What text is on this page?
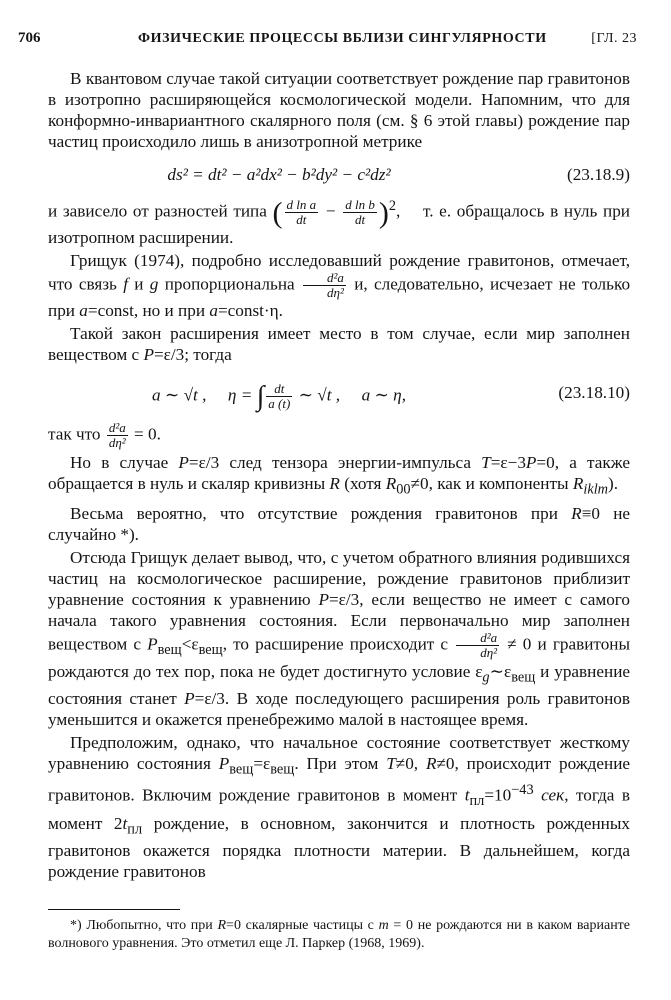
706	ФИЗИЧЕСКИЕ ПРОЦЕССЫ ВБЛИЗИ СИНГУЛЯРНОСТИ	[ГЛ. 23

В квантовом случае такой ситуации соответствует рождение пар гравитонов в изотропно расширяющейся космологической модели. Напомним, что для конформно-инвариантного скалярного поля (см. § 6 этой главы) рождение пар частиц происходило лишь в анизотропной метрике

ds² = dt² − a²dx² − b²dy² − c²dz²	(23.18.9)

и зависело от разностей типа ( $\frac{\text{d ln a}}{dt} - \frac{\text{d ln b}}{dt} )^2$,    т. е. обращалось в нуль при изотропном расширении.

Грищук (1974), подробно исследовавший рождение гравитонов, отмечает, что связь f и g пропорциональна $\frac{\text{d²a}}{\text{dη²}} и$, следовательно, исчезает не только при a=const, но и при a=const·η.

Такой закон расширения имеет место в том случае, если мир заполнен веществом с P=ε/3; тогда

a ∼ √t ,     η = ∫ $\frac{dt}{a (t)}$ ∼ √t ,     a ∼ η,	(23.18.10)

так что $\frac{\text{d²a}}{\text{dη²}} = 0$.

Но в случае P=ε/3 след тензора энергии-импульса T=ε−3P=0, а также обращается в нуль и скаляр кривизны R (хотя $R_{00}\ne 0$, как и компоненты $R_{iklm}$).

Весьма вероятно, что отсутствие рождения гравитонов при R≡0 не случайно *).

Отсюда Грищук делает вывод, что, с учетом обратного влияния родившихся частиц на космологическое расширение, рождение гравитонов приблизит уравнение состояния к уравнению P=ε/3, если вещество не имеет с самого начала такого уравнения состояния. Если первоначально мир заполнен веществом с $P_{вещ}<\varepsilon_{вещ}$, то расширение происходит с $\frac{\text{d²a}}{\text{dη²}} \ne 0$ и гравитоны рождаются до тех пор, пока не будет достигнуто условие $\varepsilon_g\sim\varepsilon_{вещ}$ и уравнение состояния станет P=ε/3. В ходе последующего расширения роль гравитонов уменьшится и окажется пренебрежимо малой в настоящее время.

Предположим, однако, что начальное состояние соответствует жесткому уравнению состояния $P_{вещ}=\varepsilon_{вещ}$. При этом T≠0, R≠0, происходит рождение гравитонов. Включим рождение гравитонов в момент $t_{пл}=10^{-43}$ сек, тогда в момент $2t_{пл}$ рождение, в основном, закончится и плотность рожденных гравитонов окажется порядка плотности материи. В дальнейшем, когда рождение гравитонов

*) Любопытно, что при R=0 скалярные частицы с m = 0 не рождаются ни в каком варианте волнового уравнения. Это отметил еще Л. Паркер (1968, 1969).
